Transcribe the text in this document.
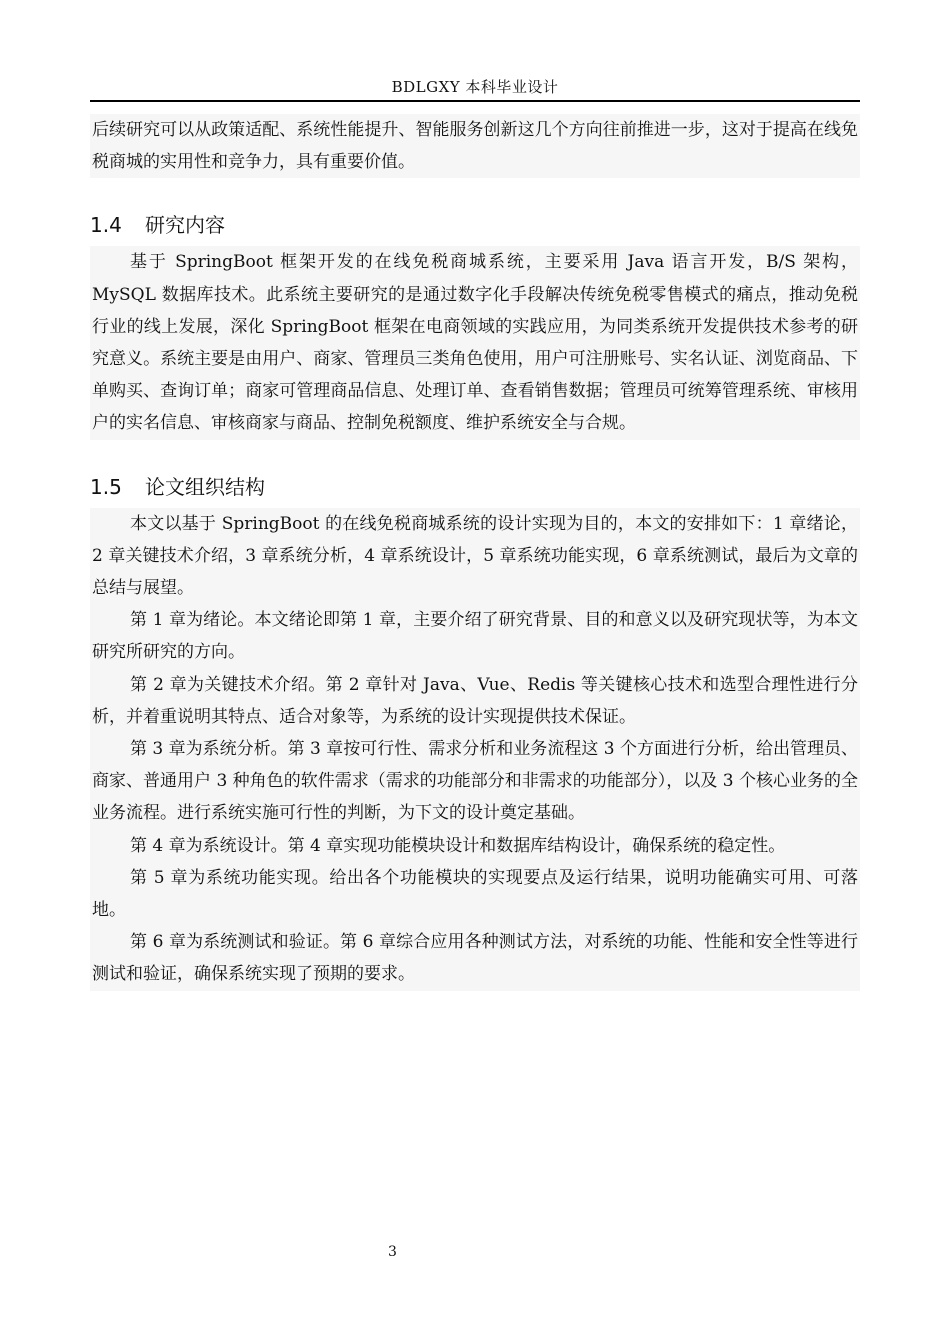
BDLGXY 本科毕业设计

后续研究可以从政策适配、系统性能提升、智能服务创新这几个方向往前推进一步，这对于提高在线免税商城的实用性和竞争力，具有重要价值。

1.4 研究内容

基于 SpringBoot 框架开发的在线免税商城系统，主要采用 Java 语言开发，B/S 架构，MySQL 数据库技术。此系统主要研究的是通过数字化手段解决传统免税零售模式的痛点，推动免税行业的线上发展，深化 SpringBoot 框架在电商领域的实践应用，为同类系统开发提供技术参考的研究意义。系统主要是由用户、商家、管理员三类角色使用，用户可注册账号、实名认证、浏览商品、下单购买、查询订单；商家可管理商品信息、处理订单、查看销售数据；管理员可统筹管理系统、审核用户的实名信息、审核商家与商品、控制免税额度、维护系统安全与合规。

1.5 论文组织结构

本文以基于 SpringBoot 的在线免税商城系统的设计实现为目的，本文的安排如下：1 章绪论，2 章关键技术介绍，3 章系统分析，4 章系统设计，5 章系统功能实现，6 章系统测试，最后为文章的总结与展望。

第 1 章为绪论。本文绪论即第 1 章，主要介绍了研究背景、目的和意义以及研究现状等，为本文研究所研究的方向。

第 2 章为关键技术介绍。第 2 章针对 Java、Vue、Redis 等关键核心技术和选型合理性进行分析，并着重说明其特点、适合对象等，为系统的设计实现提供技术保证。

第 3 章为系统分析。第 3 章按可行性、需求分析和业务流程这 3 个方面进行分析，给出管理员、商家、普通用户 3 种角色的软件需求（需求的功能部分和非需求的功能部分），以及 3 个核心业务的全业务流程。进行系统实施可行性的判断，为下文的设计奠定基础。

第 4 章为系统设计。第 4 章实现功能模块设计和数据库结构设计，确保系统的稳定性。

第 5 章为系统功能实现。给出各个功能模块的实现要点及运行结果，说明功能确实可用、可落地。

第 6 章为系统测试和验证。第 6 章综合应用各种测试方法，对系统的功能、性能和安全性等进行测试和验证，确保系统实现了预期的要求。

3
